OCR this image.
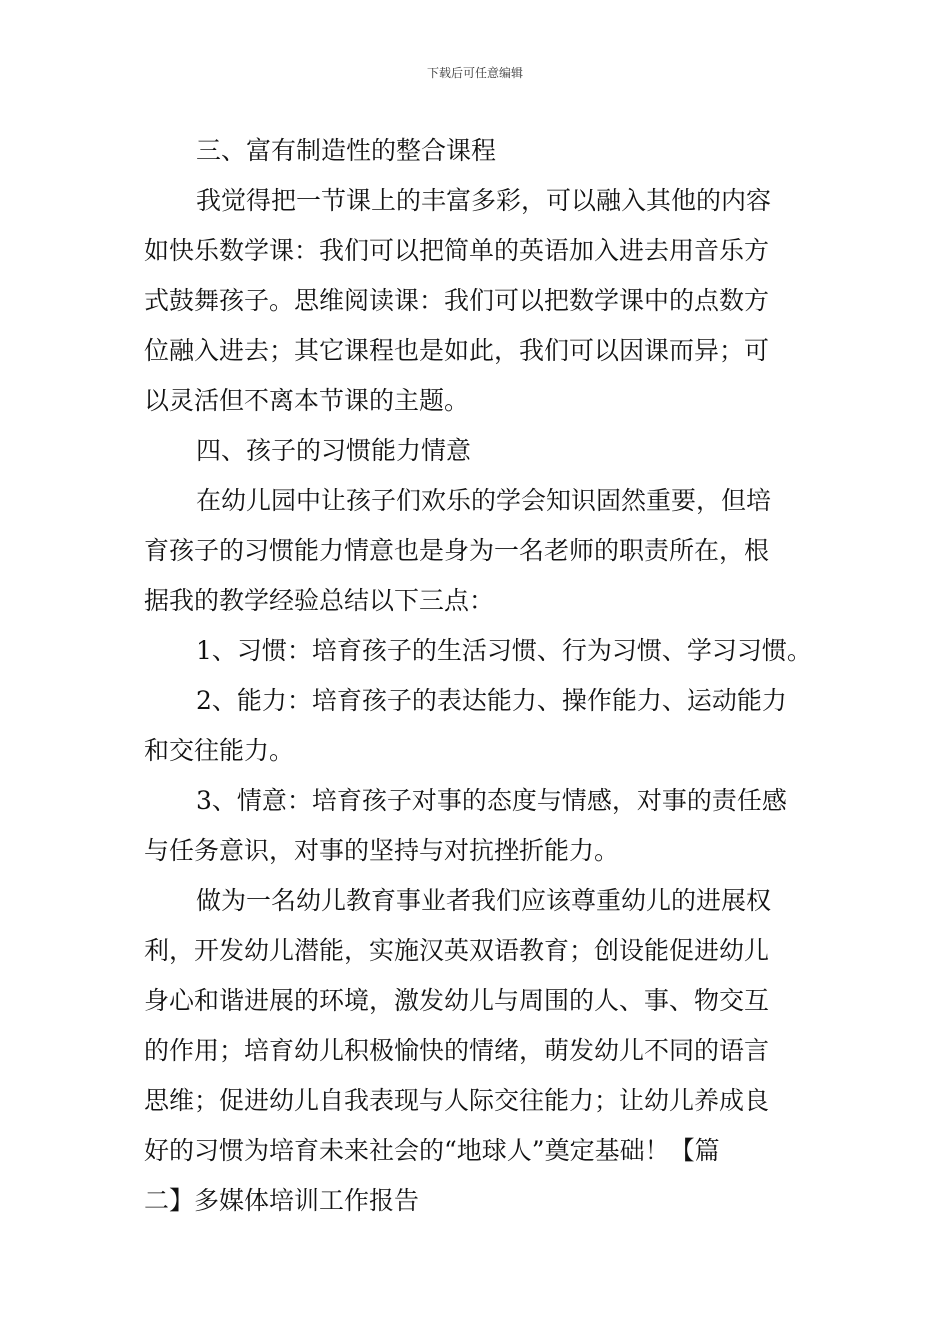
下载后可任意编辑
三、富有制造性的整合课程
我觉得把一节课上的丰富多彩，可以融入其他的内容
如快乐数学课：我们可以把简单的英语加入进去用音乐方
式鼓舞孩子。思维阅读课：我们可以把数学课中的点数方
位融入进去；其它课程也是如此，我们可以因课而异；可
以灵活但不离本节课的主题。
四、孩子的习惯能力情意
在幼儿园中让孩子们欢乐的学会知识固然重要，但培
育孩子的习惯能力情意也是身为一名老师的职责所在，根
据我的教学经验总结以下三点：
1、习惯：培育孩子的生活习惯、行为习惯、学习习惯。
2、能力：培育孩子的表达能力、操作能力、运动能力
和交往能力。
3、情意：培育孩子对事的态度与情感，对事的责任感
与任务意识，对事的坚持与对抗挫折能力。
做为一名幼儿教育事业者我们应该尊重幼儿的进展权
利，开发幼儿潜能，实施汉英双语教育；创设能促进幼儿
身心和谐进展的环境，激发幼儿与周围的人、事、物交互
的作用；培育幼儿积极愉快的情绪，萌发幼儿不同的语言
思维；促进幼儿自我表现与人际交往能力；让幼儿养成良
好的习惯为培育未来社会的“地球人”奠定基础！【篇
二】多媒体培训工作报告
